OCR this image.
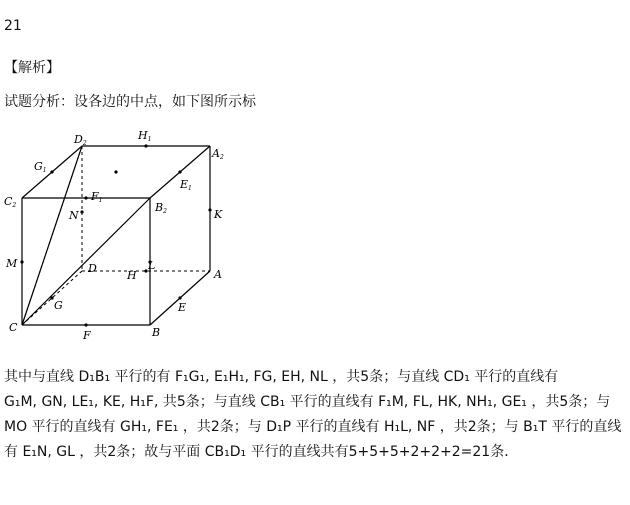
21
【解析】
试题分析：设各边的中点，如下图所示标
D2
H1
A2
G1
E1
C2
F1
B2
N	K
M	D	L
H	A
G	E
C
F	B
其中与直线 D₁B₁ 平行的有 F₁G₁, E₁H₁, FG, EH, NL ，共5条；与直线 CD₁ 平行的直线有
G₁M, GN, LE₁, KE, H₁F, 共5条；与直线 CB₁ 平行的直线有 F₁M, FL, HK, NH₁, GE₁ ，共5条；与
MO 平行的直线有 GH₁, FE₁ ，共2条；与 D₁P 平行的直线有 H₁L, NF ，共2条；与 B₁T 平行的直线
有 E₁N, GL ，共2条；故与平面 CB₁D₁ 平行的直线共有5+5+5+2+2+2=21条．
